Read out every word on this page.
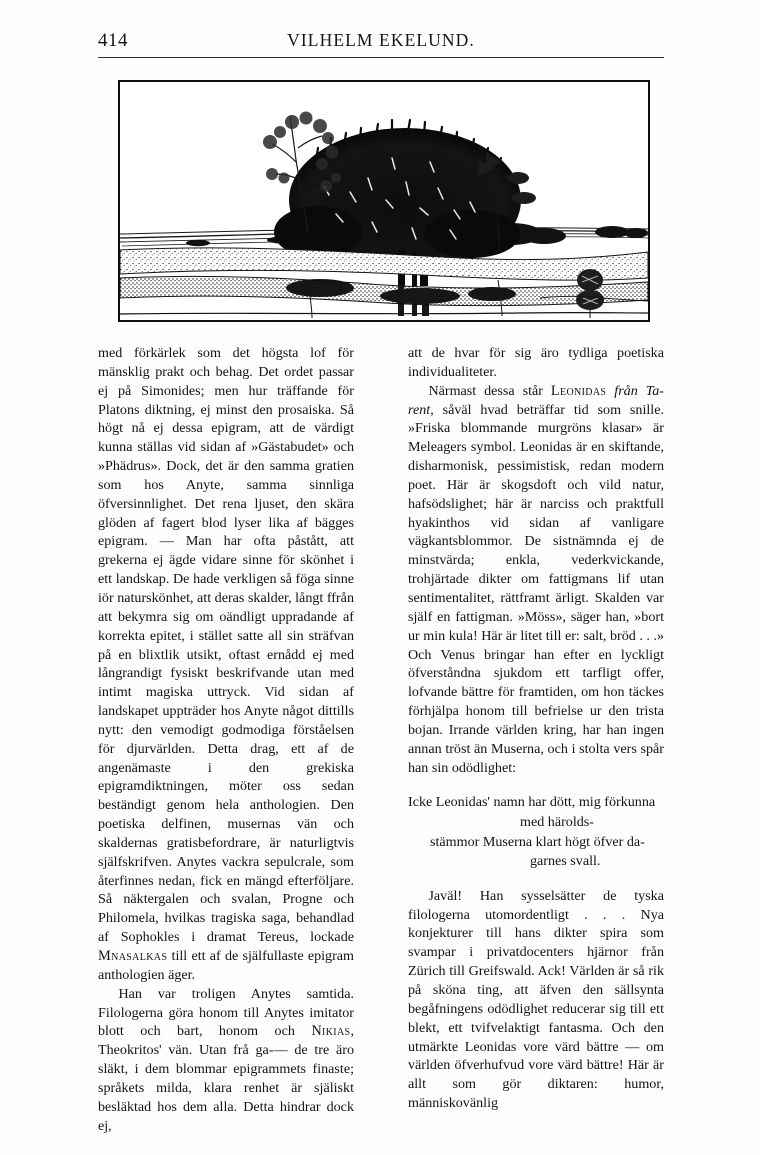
414	VILHELM EKELUND.

med förkärlek som det högsta lof för mänsklig prakt och behag. Det ordet passar ej på Simonides; men hur träffande för Platons diktning, ej minst den prosaiska. Så högt nå ej dessa epigram, att de värdigt kunna ställas vid sidan af »Gästabudet» och »Phädrus». Dock, det är den samma gratien som hos Anyte, samma sinnliga öfversinnlighet. Det rena ljuset, den skära glöden af fagert blod lyser lika af bägges epigram. — Man har ofta påstått, att grekerna ej ägde vidare sinne för skönhet i ett landskap. De hade verkligen så föga sinne iör naturskönhet, att deras skalder, långt ffrån att bekymra sig om oändligt uppradande af korrekta epitet, i stället satte all sin sträfvan på en blixtlik utsikt, oftast ernådd ej med långrandigt fysiskt beskrifvande utan med intimt magiska uttryck. Vid sidan af landskapet uppträder hos Anyte något dittills nytt: den vemodigt godmodiga förståelsen för djurvärlden. Detta drag, ett af de angenämaste i den grekiska epigramdiktningen, möter oss sedan beständigt genom hela anthologien. Den poetiska delfinen, musernas vän och skaldernas gratisbefordrare, är naturligtvis själfskrifven. Anytes vackra sepulcrale, som återfinnes nedan, fick en mängd efterföljare. Så näktergalen och svalan, Progne och Philomela, hvilkas tragiska saga, behandlad af Sophokles i dramat Tereus, lockade Mnasalkas till ett af de själfullaste epigram anthologien äger.

Han var troligen Anytes samtida. Filologerna göra honom till Anytes imitator blott och bart, honom och Nikias, Theokritos' vän. Utan frå ga-— de tre äro släkt, i dem blommar epigrammets finaste; språkets milda, klara renhet är själiskt besläktad hos dem alla. Detta hindrar dock ej,

att de hvar för sig äro tydliga poetiska individualiteter.

Närmast dessa står Leonidas från Ta-rent, såväl hvad beträffar tid som snille. »Friska blommande murgröns klasar» är Meleagers symbol. Leonidas är en skiftande, disharmonisk, pessimistisk, redan modern poet. Här är skogsdoft och vild natur, hafsödslighet; här är narciss och praktfull hyakinthos vid sidan af vanligare vägkantsblommor. De sistnämnda ej de minstvärda; enkla, vederkvickande, trohjärtade dikter om fattigmans lif utan sentimentalitet, rättframt ärligt. Skalden var själf en fattigman. »Möss», säger han, »bort ur min kula! Här är litet till er: salt, bröd . . .» Och Venus bringar han efter en lyckligt öfverståndna sjukdom ett tarfligt offer, lofvande bättre för framtiden, om hon täckes förhjälpa honom till befrielse ur den trista bojan. Irrande världen kring, har han ingen annan tröst än Muserna, och i stolta vers spår han sin odödlighet:

Icke Leonidas' namn har dött, mig förkunna
med härolds-
stämmor Muserna klart högt öfver da-
garnes svall.

Javäl! Han sysselsätter de tyska filologerna utomordentligt . . . Nya konjekturer till hans dikter spira som svampar i privatdocenters hjärnor från Zürich till Greifswald. Ack! Världen är så rik på sköna ting, att äfven den sällsynta begåfningens odödlighet reducerar sig till ett blekt, ett tvifvelaktigt fantasma. Och den utmärkte Leonidas vore värd bättre — om världen öfverhufvud vore värd bättre! Här är allt som gör diktaren: humor, människovänlig
